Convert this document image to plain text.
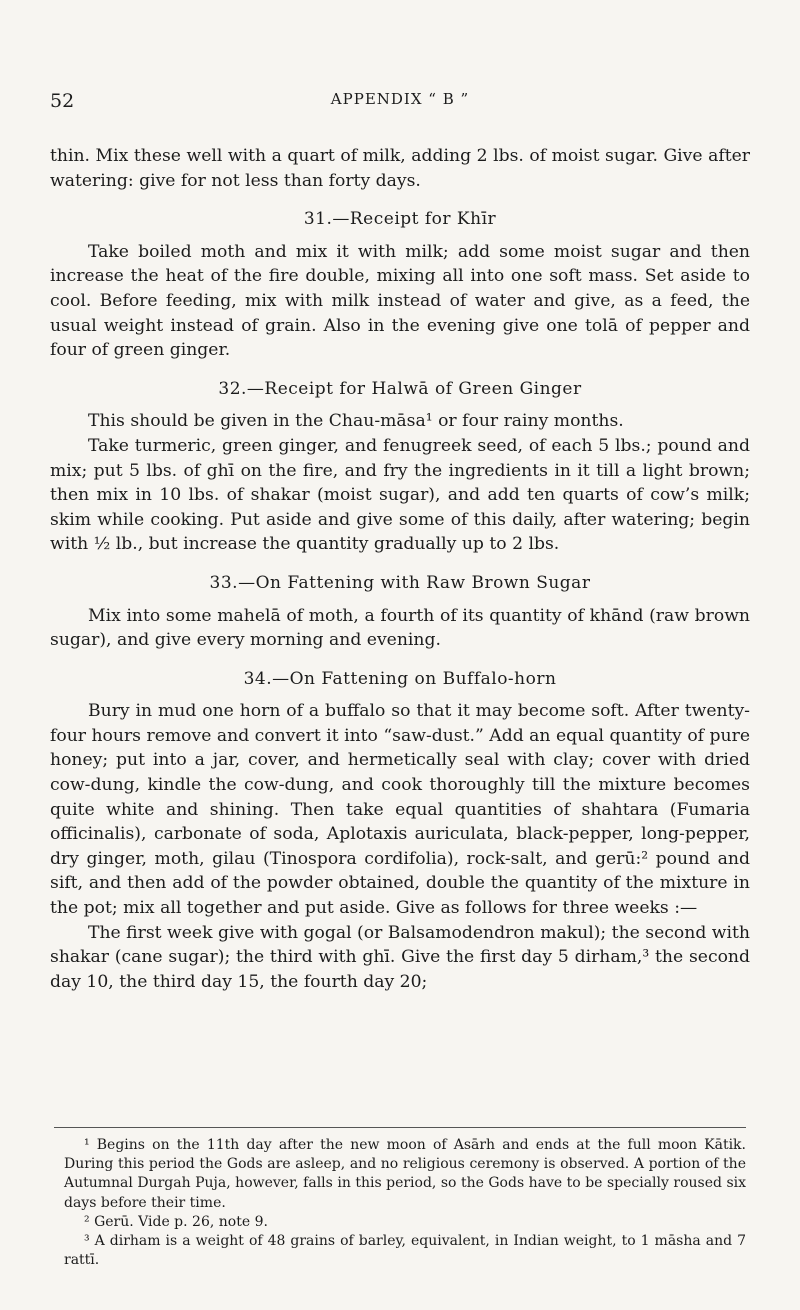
52	APPENDIX “ B ”

thin. Mix these well with a quart of milk, adding 2 lbs. of moist sugar. Give after watering: give for not less than forty days.

31.—Receipt for Khīr

Take boiled moth and mix it with milk; add some moist sugar and then increase the heat of the fire double, mixing all into one soft mass. Set aside to cool. Before feeding, mix with milk instead of water and give, as a feed, the usual weight instead of grain. Also in the evening give one tolā of pepper and four of green ginger.

32.—Receipt for Halwā of Green Ginger

This should be given in the Chau-māsa¹ or four rainy months.

Take turmeric, green ginger, and fenugreek seed, of each 5 lbs.; pound and mix; put 5 lbs. of ghī on the fire, and fry the ingredients in it till a light brown; then mix in 10 lbs. of shakar (moist sugar), and add ten quarts of cow’s milk; skim while cooking. Put aside and give some of this daily, after watering; begin with ½ lb., but increase the quantity gradually up to 2 lbs.

33.—On Fattening with Raw Brown Sugar

Mix into some mahelā of moth, a fourth of its quantity of khānd (raw brown sugar), and give every morning and evening.

34.—On Fattening on Buffalo-horn

Bury in mud one horn of a buffalo so that it may become soft. After twenty-four hours remove and convert it into “saw-dust.” Add an equal quantity of pure honey; put into a jar, cover, and hermetically seal with clay; cover with dried cow-dung, kindle the cow-dung, and cook thoroughly till the mixture becomes quite white and shining. Then take equal quantities of shahtara (Fumaria officinalis), carbonate of soda, Aplotaxis auriculata, black-pepper, long-pepper, dry ginger, moth, gilau (Tinospora cordifolia), rock-salt, and gerū:² pound and sift, and then add of the powder obtained, double the quantity of the mixture in the pot; mix all together and put aside. Give as follows for three weeks :—

The first week give with gogal (or Balsamodendron makul); the second with shakar (cane sugar); the third with ghī. Give the first day 5 dirham,³ the second day 10, the third day 15, the fourth day 20;

¹ Begins on the 11th day after the new moon of Asārh and ends at the full moon Kātik. During this period the Gods are asleep, and no religious ceremony is observed. A portion of the Autumnal Durgah Puja, however, falls in this period, so the Gods have to be specially roused six days before their time.

² Gerū. Vide p. 26, note 9.

³ A dirham is a weight of 48 grains of barley, equivalent, in Indian weight, to 1 māsha and 7 rattī.
